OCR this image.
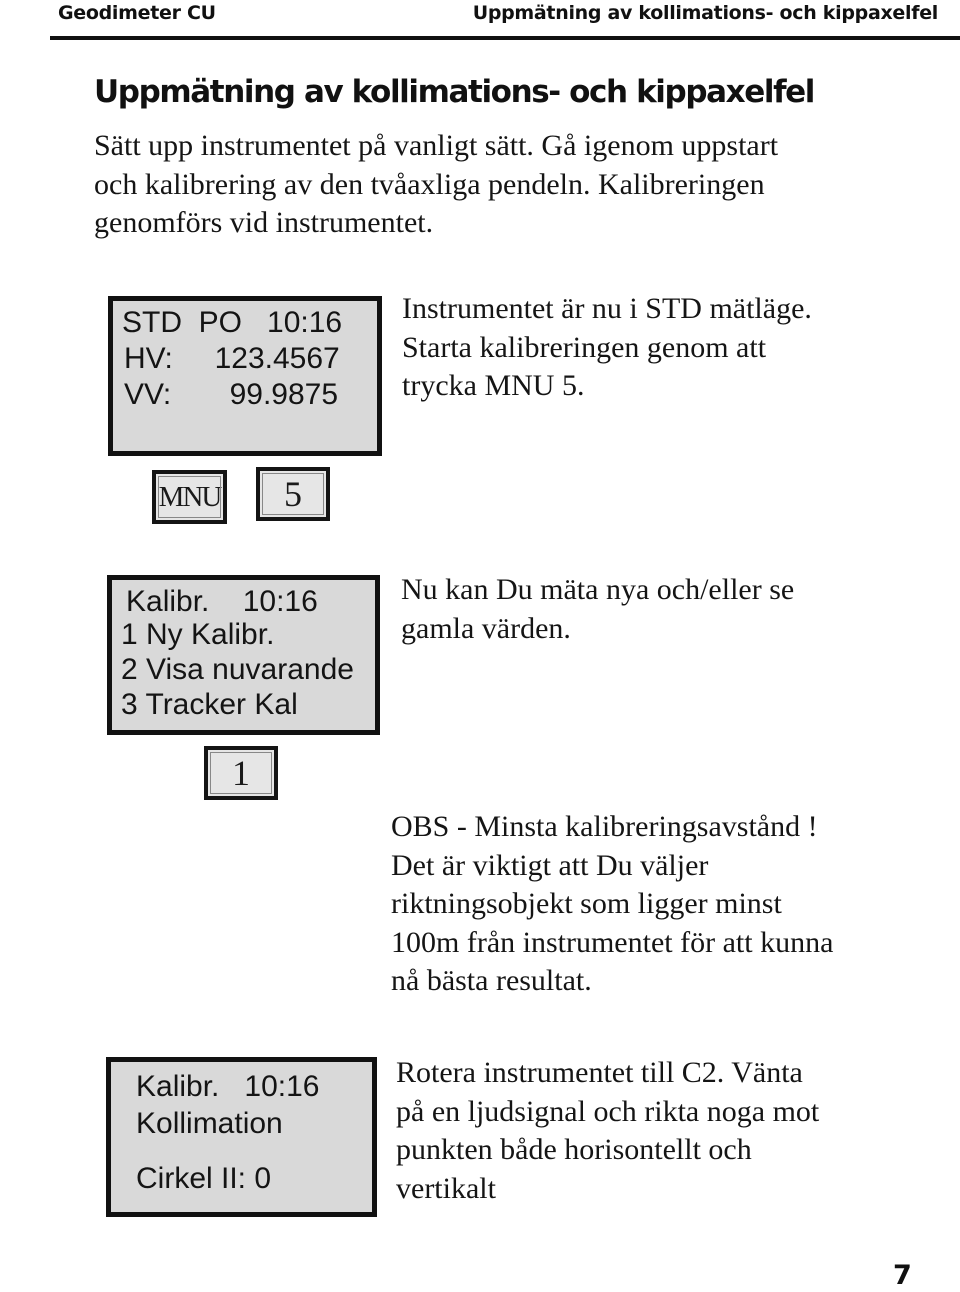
Geodimeter CU	Uppmätning av kollimations- och kippaxelfel
Uppmätning av kollimations- och kippaxelfel
Sätt upp instrumentet på vanligt sätt. Gå igenom uppstart
och kalibrering av den tvåaxliga pendeln. Kalibreringen
genomförs vid instrumentet.
STD  PO   10:16
HV:     123.4567
VV:       99.9875
Instrumentet är nu i STD mätläge.
Starta kalibreringen genom att
trycka MNU 5.
MNU 5
Kalibr.    10:16
1 Ny Kalibr.
2 Visa nuvarande
3 Tracker Kal
Nu kan Du mäta nya och/eller se
gamla värden.
1
OBS - Minsta kalibreringsavstånd !
Det är viktigt att Du väljer
riktningsobjekt som ligger minst
100m från instrumentet för att kunna
nå bästa resultat.
Kalibr.   10:16
Kollimation
Cirkel II: 0
Rotera instrumentet till C2. Vänta
på en ljudsignal och rikta noga mot
punkten både horisontellt och
vertikalt
7
